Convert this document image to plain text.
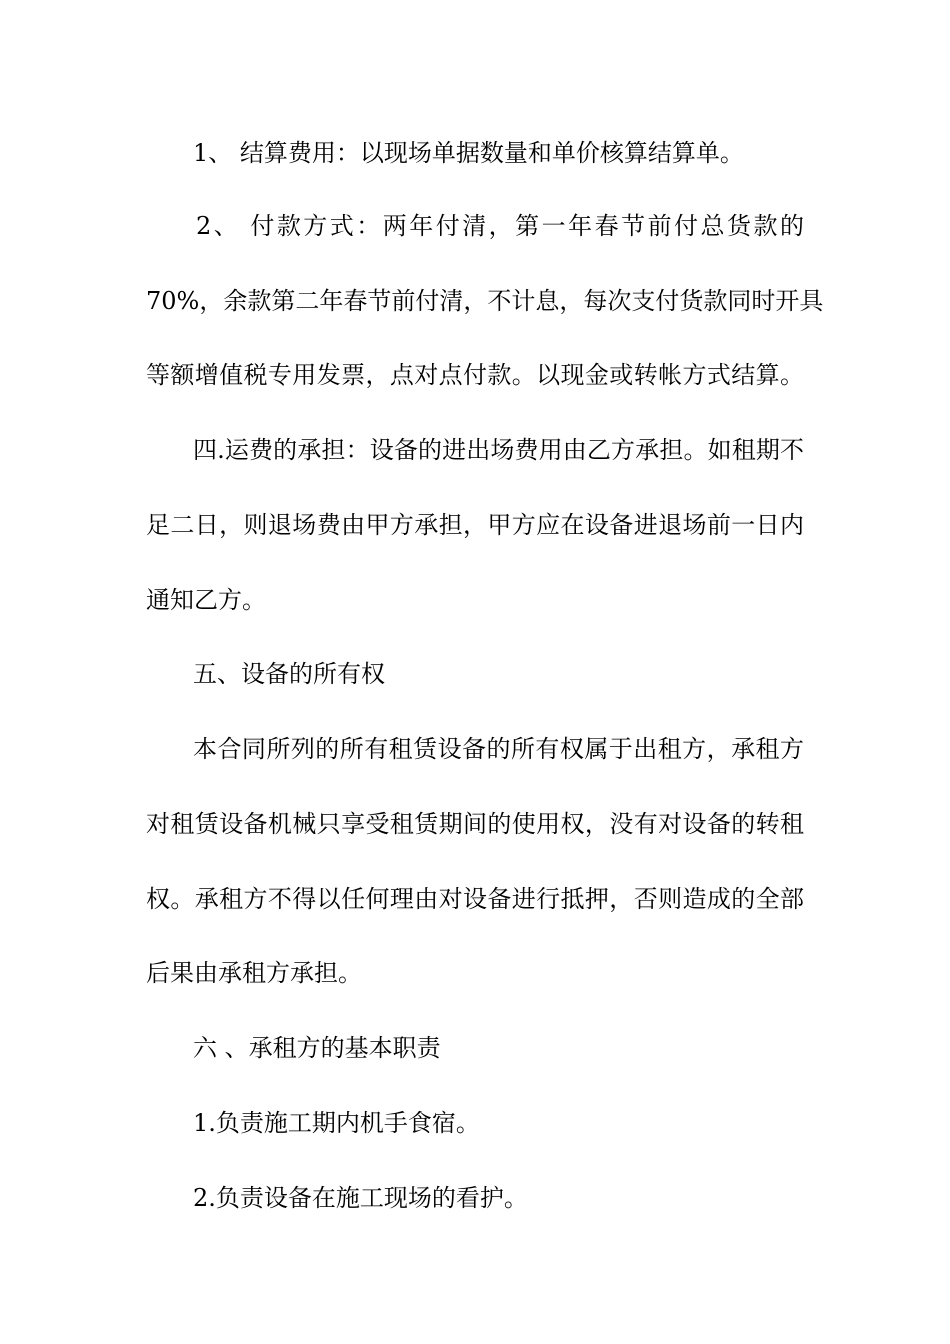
1、 结算费用：以现场单据数量和单价核算结算单。
2、 付款方式：两年付清，第一年春节前付总货款的
70%，余款第二年春节前付清，不计息，每次支付货款同时开具
等额增值税专用发票，点对点付款。以现金或转帐方式结算。
四.运费的承担：设备的进出场费用由乙方承担。如租期不
足二日，则退场费由甲方承担，甲方应在设备进退场前一日内
通知乙方。
五、设备的所有权
本合同所列的所有租赁设备的所有权属于出租方，承租方
对租赁设备机械只享受租赁期间的使用权，没有对设备的转租
权。承租方不得以任何理由对设备进行抵押，否则造成的全部
后果由承租方承担。
六 、承租方的基本职责
1.负责施工期内机手食宿。
2.负责设备在施工现场的看护。
